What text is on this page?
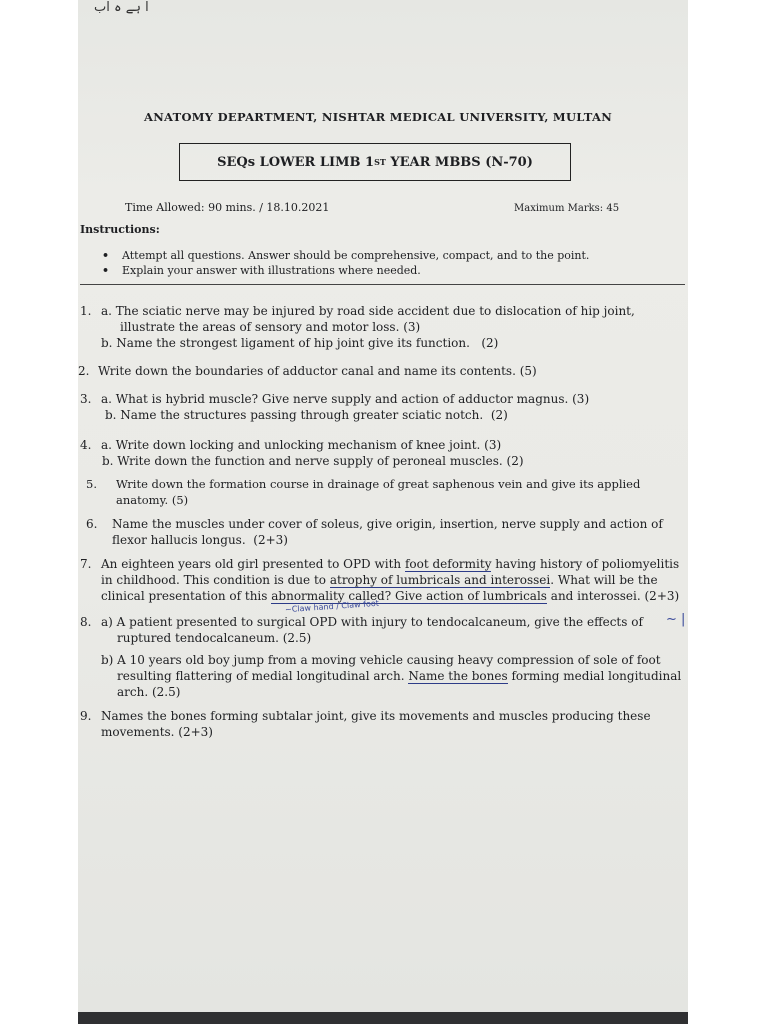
ا ہے ہ اب
ANATOMY DEPARTMENT, NISHTAR MEDICAL UNIVERSITY, MULTAN
SEQs LOWER LIMB 1 ST YEAR MBBS (N-70)
Time Allowed: 90 mins. / 18.10.2021	Maximum Marks: 45
Instructions:
• Attempt all questions. Answer should be comprehensive, compact, and to the point.
• Explain your answer with illustrations where needed.
1. a. The sciatic nerve may be injured by road side accident due to dislocation of hip joint,
illustrate the areas of sensory and motor loss. (3)
b. Name the strongest ligament of hip joint give its function.   (2)
2. Write down the boundaries of adductor canal and name its contents. (5)
3. a. What is hybrid muscle? Give nerve supply and action of adductor magnus. (3)
b. Name the structures passing through greater sciatic notch.  (2)
4. a. Write down locking and unlocking mechanism of knee joint. (3)
b. Write down the function and nerve supply of peroneal muscles. (2)
5. Write down the formation course in drainage of great saphenous vein and give its applied
anatomy. (5)
6. Name the muscles under cover of soleus, give origin, insertion, nerve supply and action of
flexor hallucis longus.  (2+3)
7. An eighteen years old girl presented to OPD with foot deformity having history of poliomyelitis
in childhood. This condition is due to atrophy of lumbricals and interossei. What will be the
clinical presentation of this abnormality called? Give action of lumbricals and interossei. (2+3)
~Claw hand / Claw foot
8. a) A patient presented to surgical OPD with injury to tendocalcaneum, give the effects of
ruptured tendocalcaneum. (2.5)
b) A 10 years old boy jump from a moving vehicle causing heavy compression of sole of foot
resulting flattering of medial longitudinal arch. Name the bones forming medial longitudinal
arch. (2.5)
~ |
9. Names the bones forming subtalar joint, give its movements and muscles producing these
movements. (2+3)
